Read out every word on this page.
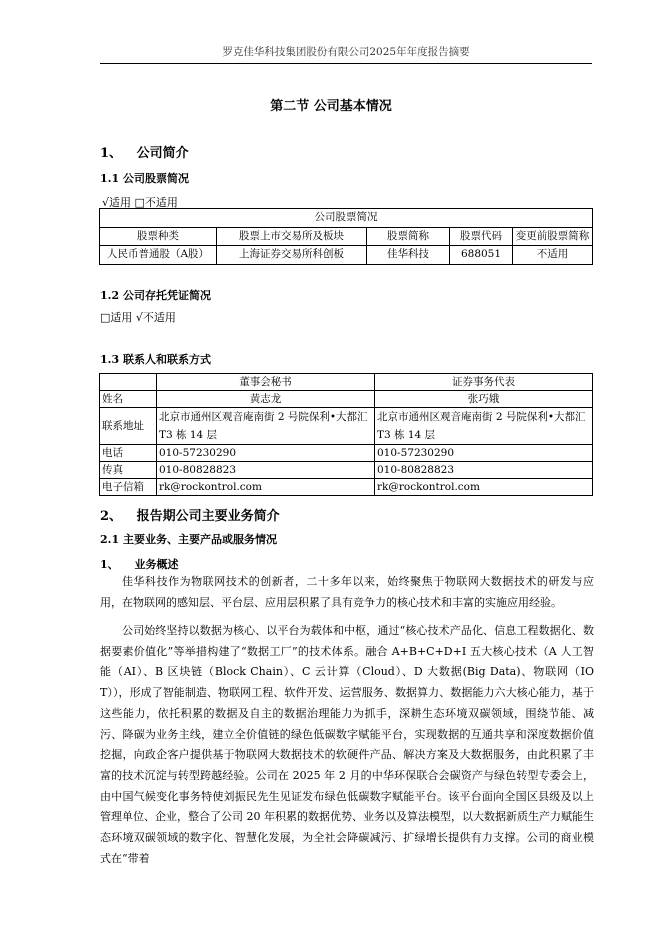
罗克佳华科技集团股份有限公司2025年年度报告摘要
第二节 公司基本情况
1、 公司简介
1.1 公司股票简况
√适用 □不适用
公司股票简况				
股票种类	股票上市交易所及板块	股票简称	股票代码	变更前股票简称
人民币普通股（A股）	上海证券交易所科创板	佳华科技	688051	不适用
1.2 公司存托凭证简况
□适用 √不适用
1.3 联系人和联系方式
	董事会秘书	证券事务代表
姓名	黄志龙	张巧娥
联系地址	北京市通州区观音庵南街 2 号院保利•大都汇 T3 栋 14 层	北京市通州区观音庵南街 2 号院保利•大都汇 T3 栋 14 层
电话	010-57230290	010-57230290
传真	010-80828823	010-80828823
电子信箱	rk@rockontrol.com	rk@rockontrol.com
2、 报告期公司主要业务简介
2.1 主要业务、主要产品或服务情况
1、 业务概述
佳华科技作为物联网技术的创新者，二十多年以来，始终聚焦于物联网大数据技术的研发与应用，在物联网的感知层、平台层、应用层积累了具有竞争力的核心技术和丰富的实施应用经验。
公司始终坚持以数据为核心、以平台为载体和中枢，通过“核心技术产品化、信息工程数据化、数据要素价值化”等举措构建了“数据工厂”的技术体系。融合 A+B+C+D+I 五大核心技术（A 人工智能（AI）、B 区块链（Block Chain）、C 云计算（Cloud）、D 大数据(Big Data)、物联网（IOT）），形成了智能制造、物联网工程、软件开发、运营服务、数据算力、数据能力六大核心能力，基于这些能力，依托积累的数据及自主的数据治理能力为抓手，深耕生态环境双碳领域，围绕节能、减污、降碳为业务主线，建立全价值链的绿色低碳数字赋能平台，实现数据的互通共享和深度数据价值挖掘，向政企客户提供基于物联网大数据技术的软硬件产品、解决方案及大数据服务，由此积累了丰富的技术沉淀与转型跨越经验。公司在 2025 年 2 月的中华环保联合会碳资产与绿色转型专委会上，由中国气候变化事务特使刘振民先生见证发布绿色低碳数字赋能平台。该平台面向全国区县级及以上管理单位、企业，整合了公司 20 年积累的数据优势、业务以及算法模型，以大数据新质生产力赋能生态环境双碳领域的数字化、智慧化发展，为全社会降碳减污、扩绿增长提供有力支撑。公司的商业模式在“带着
